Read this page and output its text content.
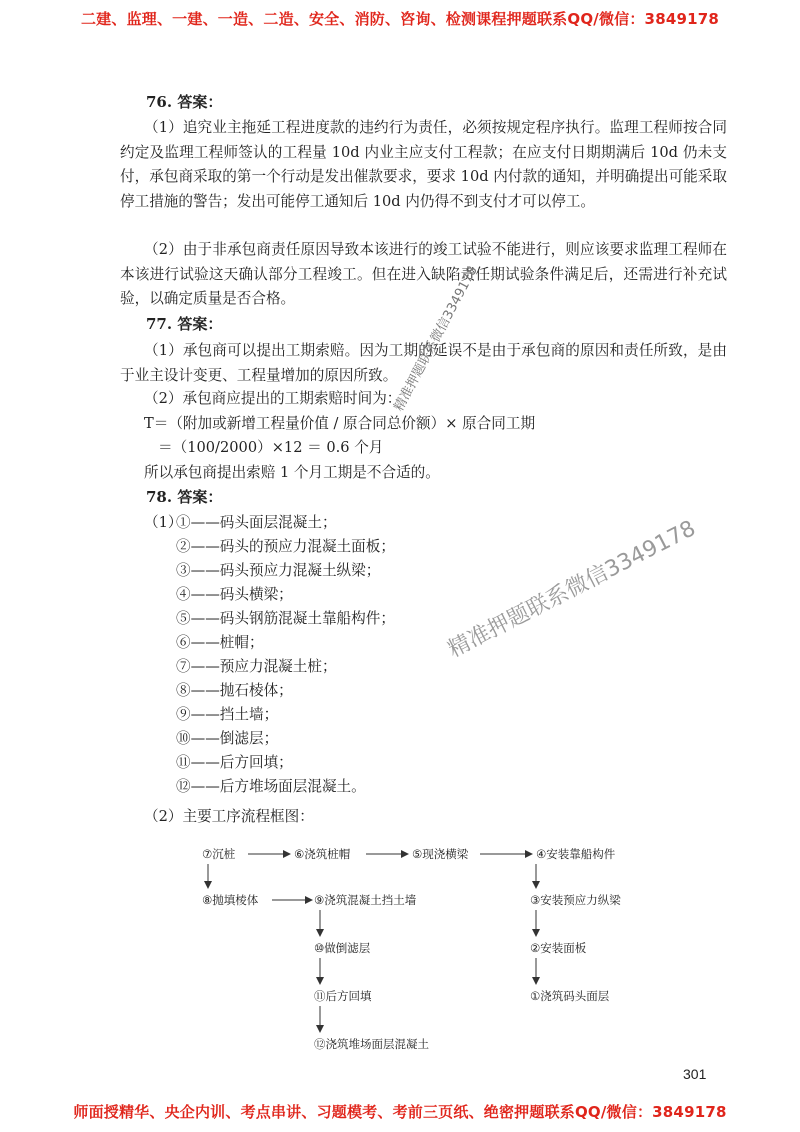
二建、监理、一建、一造、二造、安全、消防、咨询、检测课程押题联系QQ/微信：3849178
76. 答案：
（1）追究业主拖延工程进度款的违约行为责任，必须按规定程序执行。监理工程师按合同约定及监理工程师签认的工程量 10d 内业主应支付工程款；在应支付日期期满后 10d 仍未支付，承包商采取的第一个行动是发出催款要求，要求 10d 内付款的通知，并明确提出可能采取停工措施的警告；发出可能停工通知后 10d 内仍得不到支付才可以停工。
（2）由于非承包商责任原因导致本该进行的竣工试验不能进行，则应该要求监理工程师在本该进行试验这天确认部分工程竣工。但在进入缺陷责任期试验条件满足后，还需进行补充试验，以确定质量是否合格。
77. 答案：
（1）承包商可以提出工期索赔。因为工期的延误不是由于承包商的原因和责任所致，是由于业主设计变更、工程量增加的原因所致。
（2）承包商应提出的工期索赔时间为：
T＝（附加或新增工程量价值 / 原合同总价额）× 原合同工期
＝（100/2000）×12 ＝ 0.6 个月
所以承包商提出索赔 1 个月工期是不合适的。
78. 答案：
（1）
①——码头面层混凝土；
②——码头的预应力混凝土面板；
③——码头预应力混凝土纵梁；
④——码头横梁；
⑤——码头钢筋混凝土靠船构件；
⑥——桩帽；
⑦——预应力混凝土桩；
⑧——抛石棱体；
⑨——挡土墙；
⑩——倒滤层；
⑪——后方回填；
⑫——后方堆场面层混凝土。
（2）主要工序流程框图：
⑦沉桩	⑥浇筑桩帽	⑤现浇横梁	④安装靠船构件
⑧抛填棱体	⑨浇筑混凝土挡土墙	③安装预应力纵梁
⑩做倒滤层	②安装面板
⑪后方回填	①浇筑码头面层
⑫浇筑堆场面层混凝土
精准押题联系微信3349178
精准押题联系微信3349178
301
师面授精华、央企内训、考点串讲、习题模考、考前三页纸、绝密押题联系QQ/微信：3849178
